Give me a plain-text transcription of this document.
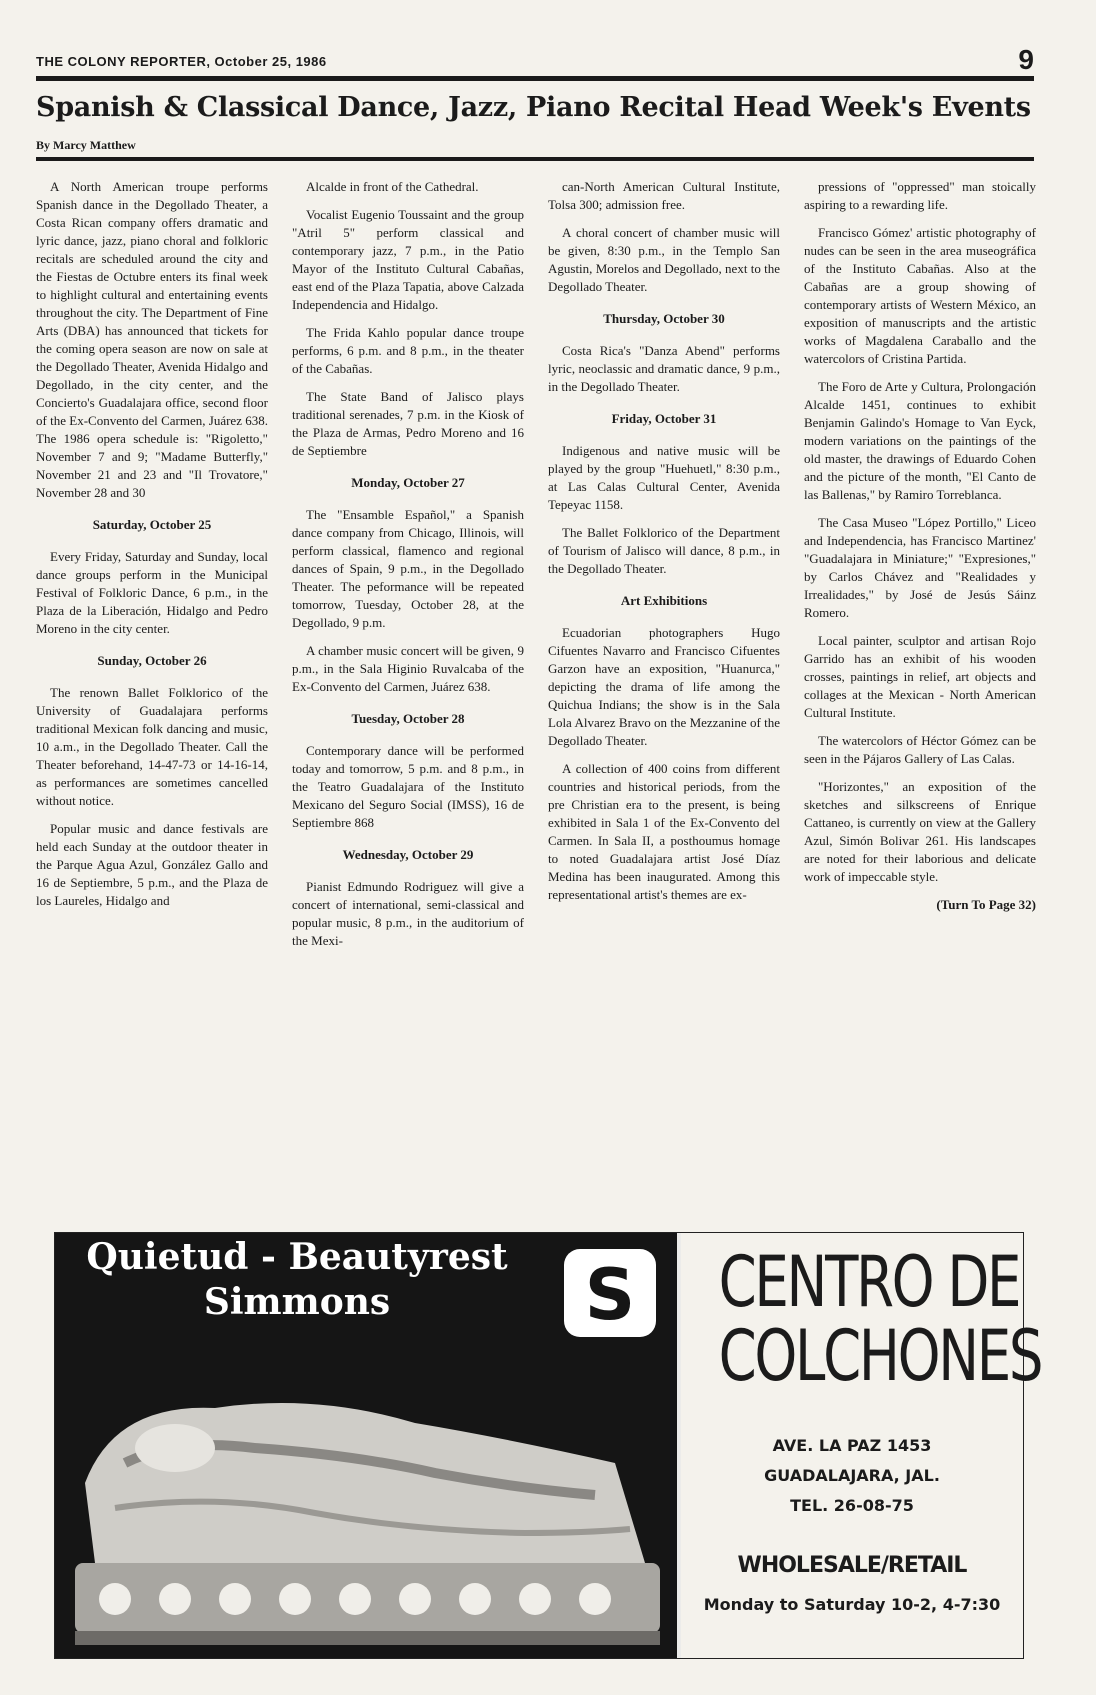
THE COLONY REPORTER, October 25, 1986	9
Spanish & Classical Dance, Jazz, Piano Recital Head Week's Events
By Marcy Matthew

A North American troupe performs Spanish dance in the Degollado Theater, a Costa Rican company offers dramatic and lyric dance, jazz, piano choral and folkloric recitals are scheduled around the city and the Fiestas de Octubre enters its final week to highlight cultural and entertaining events throughout the city. The Department of Fine Arts (DBA) has announced that tickets for the coming opera season are now on sale at the Degollado Theater, Avenida Hidalgo and Degollado, in the city center, and the Concierto's Guadalajara office, second floor of the Ex-Convento del Carmen, Juárez 638. The 1986 opera schedule is: "Rigoletto," November 7 and 9; "Madame Butterfly," November 21 and 23 and "Il Trovatore," November 28 and 30

Saturday, October 25

Every Friday, Saturday and Sunday, local dance groups perform in the Municipal Festival of Folkloric Dance, 6 p.m., in the Plaza de la Liberación, Hidalgo and Pedro Moreno in the city center.

Sunday, October 26

The renown Ballet Folklorico of the University of Guadalajara performs traditional Mexican folk dancing and music, 10 a.m., in the Degollado Theater. Call the Theater beforehand, 14-47-73 or 14-16-14, as performances are sometimes cancelled without notice.

Popular music and dance festivals are held each Sunday at the outdoor theater in the Parque Agua Azul, González Gallo and 16 de Septiembre, 5 p.m., and the Plaza de los Laureles, Hidalgo and

Alcalde in front of the Cathedral.

Vocalist Eugenio Toussaint and the group "Atril 5" perform classical and contemporary jazz, 7 p.m., in the Patio Mayor of the Instituto Cultural Cabañas, east end of the Plaza Tapatia, above Calzada Independencia and Hidalgo.

The Frida Kahlo popular dance troupe performs, 6 p.m. and 8 p.m., in the theater of the Cabañas.

The State Band of Jalisco plays traditional serenades, 7 p.m. in the Kiosk of the Plaza de Armas, Pedro Moreno and 16 de Septiembre

Monday, October 27

The "Ensamble Español," a Spanish dance company from Chicago, Illinois, will perform classical, flamenco and regional dances of Spain, 9 p.m., in the Degollado Theater. The peformance will be repeated tomorrow, Tuesday, October 28, at the Degollado, 9 p.m.

A chamber music concert will be given, 9 p.m., in the Sala Higinio Ruvalcaba of the Ex-Convento del Carmen, Juárez 638.

Tuesday, October 28

Contemporary dance will be performed today and tomorrow, 5 p.m. and 8 p.m., in the Teatro Guadalajara of the Instituto Mexicano del Seguro Social (IMSS), 16 de Septiembre 868

Wednesday, October 29

Pianist Edmundo Rodriguez will give a concert of international, semi-classical and popular music, 8 p.m., in the auditorium of the Mexi-

can-North American Cultural Institute, Tolsa 300; admission free.

A choral concert of chamber music will be given, 8:30 p.m., in the Templo San Agustin, Morelos and Degollado, next to the Degollado Theater.

Thursday, October 30

Costa Rica's "Danza Abend" performs lyric, neoclassic and dramatic dance, 9 p.m., in the Degollado Theater.

Friday, October 31

Indigenous and native music will be played by the group "Huehuetl," 8:30 p.m., at Las Calas Cultural Center, Avenida Tepeyac 1158.

The Ballet Folklorico of the Department of Tourism of Jalisco will dance, 8 p.m., in the Degollado Theater.

Art Exhibitions

Ecuadorian photographers Hugo Cifuentes Navarro and Francisco Cifuentes Garzon have an exposition, "Huanurca," depicting the drama of life among the Quichua Indians; the show is in the Sala Lola Alvarez Bravo on the Mezzanine of the Degollado Theater.

A collection of 400 coins from different countries and historical periods, from the pre Christian era to the present, is being exhibited in Sala 1 of the Ex-Convento del Carmen. In Sala II, a posthoumus homage to noted Guadalajara artist José Díaz Medina has been inaugurated. Among this representational artist's themes are ex-

pressions of "oppressed" man stoically aspiring to a rewarding life.

Francisco Gómez' artistic photography of nudes can be seen in the area museográfica of the Instituto Cabañas. Also at the Cabañas are a group showing of contemporary artists of Western México, an exposition of manuscripts and the artistic works of Magdalena Caraballo and the watercolors of Cristina Partida.

The Foro de Arte y Cultura, Prolongación Alcalde 1451, continues to exhibit Benjamin Galindo's Homage to Van Eyck, modern variations on the paintings of the old master, the drawings of Eduardo Cohen and the picture of the month, "El Canto de las Ballenas," by Ramiro Torreblanca.

The Casa Museo "López Portillo," Liceo and Independencia, has Francisco Martinez' "Guadalajara in Miniature;" "Expresiones," by Carlos Chávez and "Realidades y Irrealidades," by José de Jesús Sáinz Romero.

Local painter, sculptor and artisan Rojo Garrido has an exhibit of his wooden crosses, paintings in relief, art objects and collages at the Mexican - North American Cultural Institute.

The watercolors of Héctor Gómez can be seen in the Pájaros Gallery of Las Calas.

"Horizontes," an exposition of the sketches and silkscreens of Enrique Cattaneo, is currently on view at the Gallery Azul, Simón Bolivar 261. His landscapes are noted for their laborious and delicate work of impeccable style.

(Turn To Page 32)

Quietud - Beautyrest
Simmons	S CENTRO DE
COLCHONES
AVE. LA PAZ 1453
GUADALAJARA, JAL.
TEL. 26-08-75
WHOLESALE/RETAIL
Monday to Saturday 10-2, 4-7:30
